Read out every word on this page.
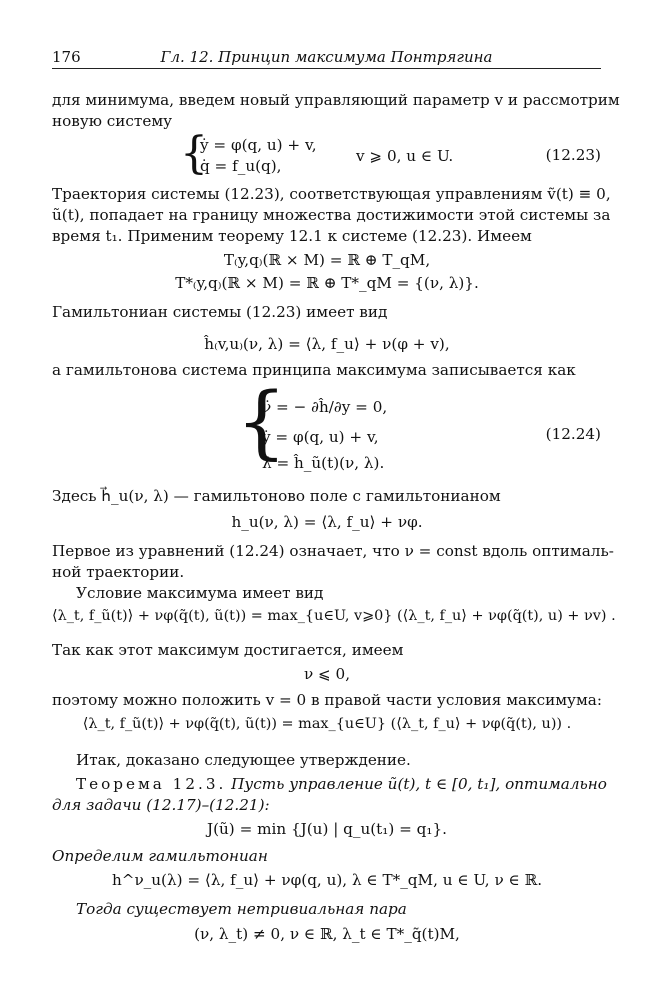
176	Гл. 12. Принцип максимума Понтрягина
для минимума, введем новый управляющий параметр v и рассмотрим
новую систему
{
ẏ = φ(q, u) + v,
q̇ = f_u(q),
v ⩾ 0, u ∈ U.	(12.23)
Траектория системы (12.23), соответствующая управлениям ṽ(t) ≡ 0,
ũ(t), попадает на границу множества достижимости этой системы за
время t₁. Применим теорему 12.1 к системе (12.23). Имеем
T₍y,q₎(ℝ × M) = ℝ ⊕ T_qM,
T*₍y,q₎(ℝ × M) = ℝ ⊕ T*_qM = {(ν, λ)}.
Гамильтониан системы (12.23) имеет вид
ĥ₍v,u₎(ν, λ) = ⟨λ, f_u⟩ + ν(φ + v),
а гамильтонова система принципа максимума записывается как
{
ν̇ = − ∂ĥ/∂y = 0,
ẏ = φ(q, u) + v,
λ̇ = ĥ_ũ(t)(ν, λ).
(12.24)
Здесь h⃗_u(ν, λ) — гамильтоново поле с гамильтонианом
h_u(ν, λ) = ⟨λ, f_u⟩ + νφ.
Первое из уравнений (12.24) означает, что ν = const вдоль оптималь-
ной траектории.
Условие максимума имеет вид
⟨λ_t, f_ũ(t)⟩ + νφ(q̃(t), ũ(t)) = max_{u∈U, v⩾0} (⟨λ_t, f_u⟩ + νφ(q̃(t), u) + νv) .
Так как этот максимум достигается, имеем
ν ⩽ 0,
поэтому можно положить v = 0 в правой части условия максимума:
⟨λ_t, f_ũ(t)⟩ + νφ(q̃(t), ũ(t)) = max_{u∈U} (⟨λ_t, f_u⟩ + νφ(q̃(t), u)) .
Итак, доказано следующее утверждение.
Теорема 12.3. Пусть управление ũ(t), t ∈ [0, t₁], оптимально
для задачи (12.17)–(12.21):
J(ũ) = min {J(u) | q_u(t₁) = q₁}.
Определим гамильтониан
h^ν_u(λ) = ⟨λ, f_u⟩ + νφ(q, u), λ ∈ T*_qM, u ∈ U, ν ∈ ℝ.
Тогда существует нетривиальная пара
(ν, λ_t) ≠ 0, ν ∈ ℝ, λ_t ∈ T*_q̃(t)M,
